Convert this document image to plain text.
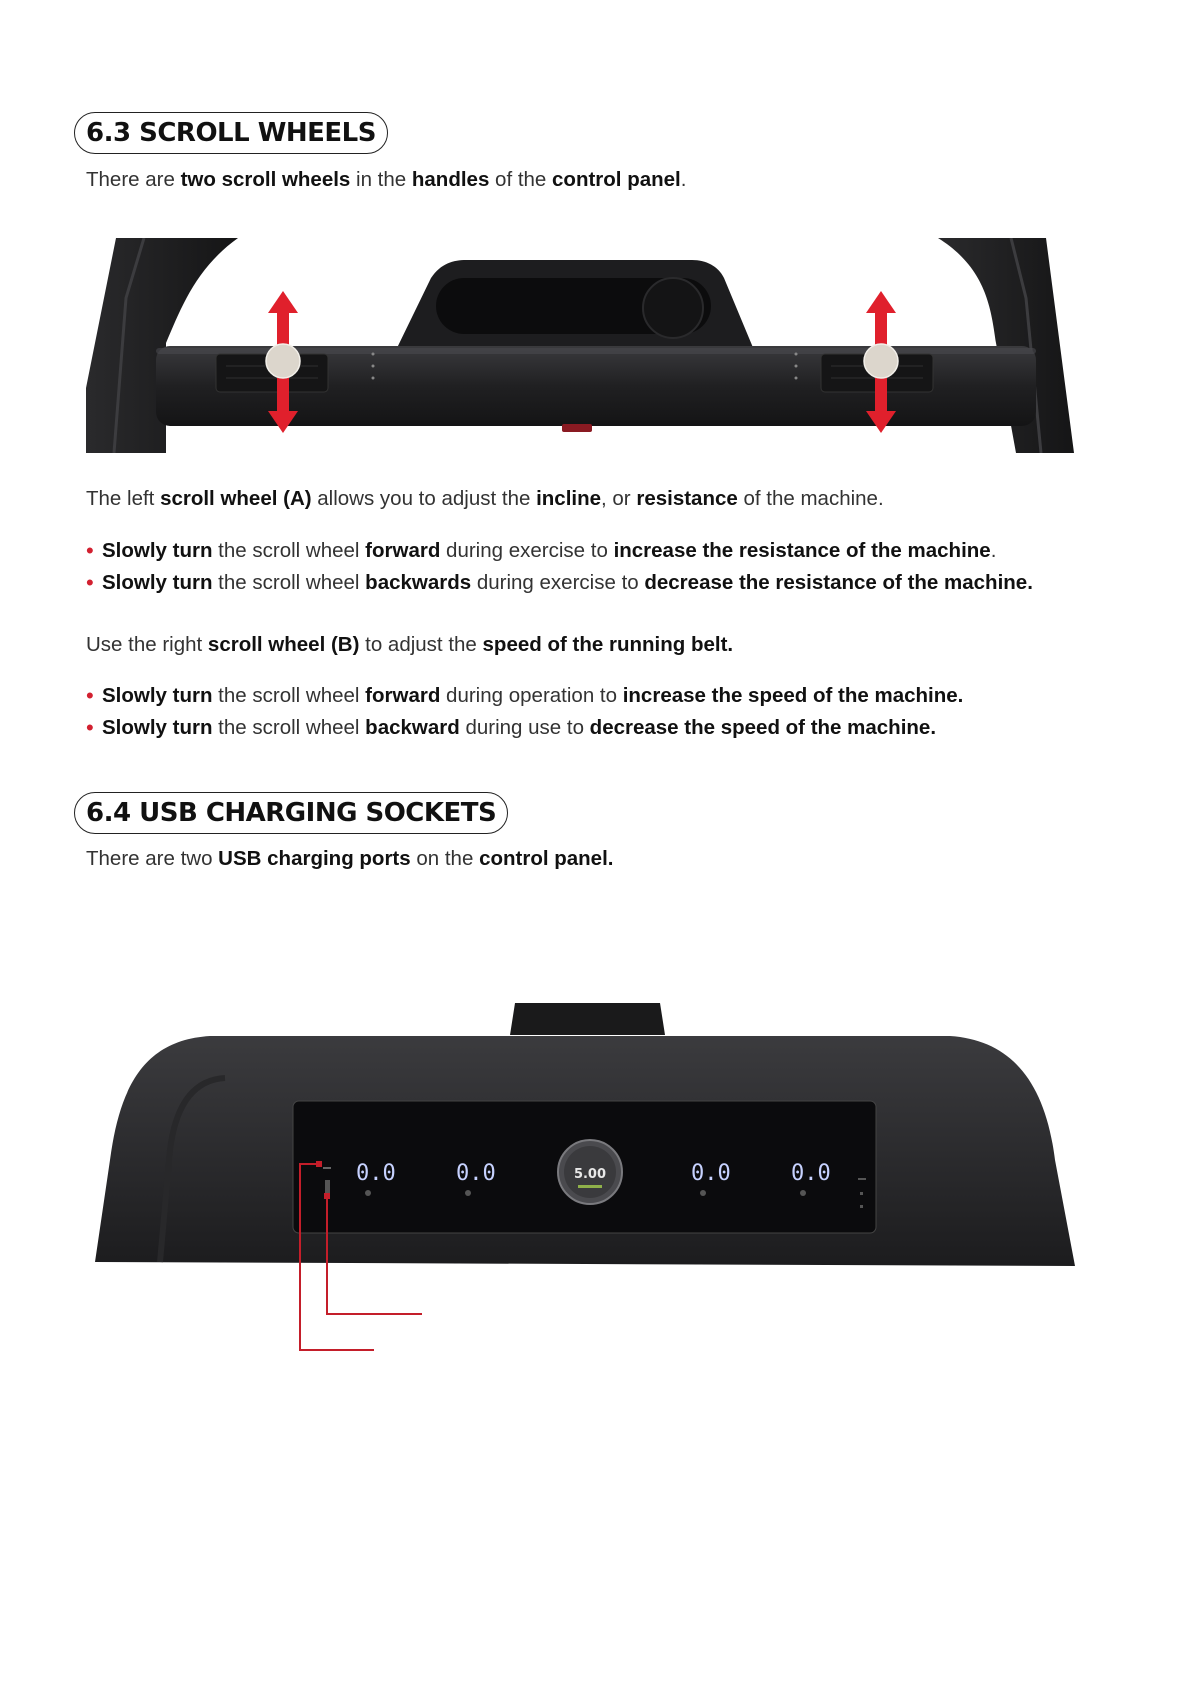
6.3 SCROLL WHEELS
There are two scroll wheels in the handles of the control panel.
The left scroll wheel (A) allows you to adjust the incline, or resistance of the machine.
• Slowly turn the scroll wheel forward during exercise to increase the resistance of the machine.
• Slowly turn the scroll wheel backwards during exercise to decrease the resistance of the machine.
Use the right scroll wheel (B) to adjust the speed of the running belt.
• Slowly turn the scroll wheel forward during operation to increase the speed of the machine.
• Slowly turn the scroll wheel backward during use to decrease the speed of the machine.
6.4 USB CHARGING SOCKETS
There are two USB charging ports on the control panel.
0.0	0.0	0.0	0.0
5.00
